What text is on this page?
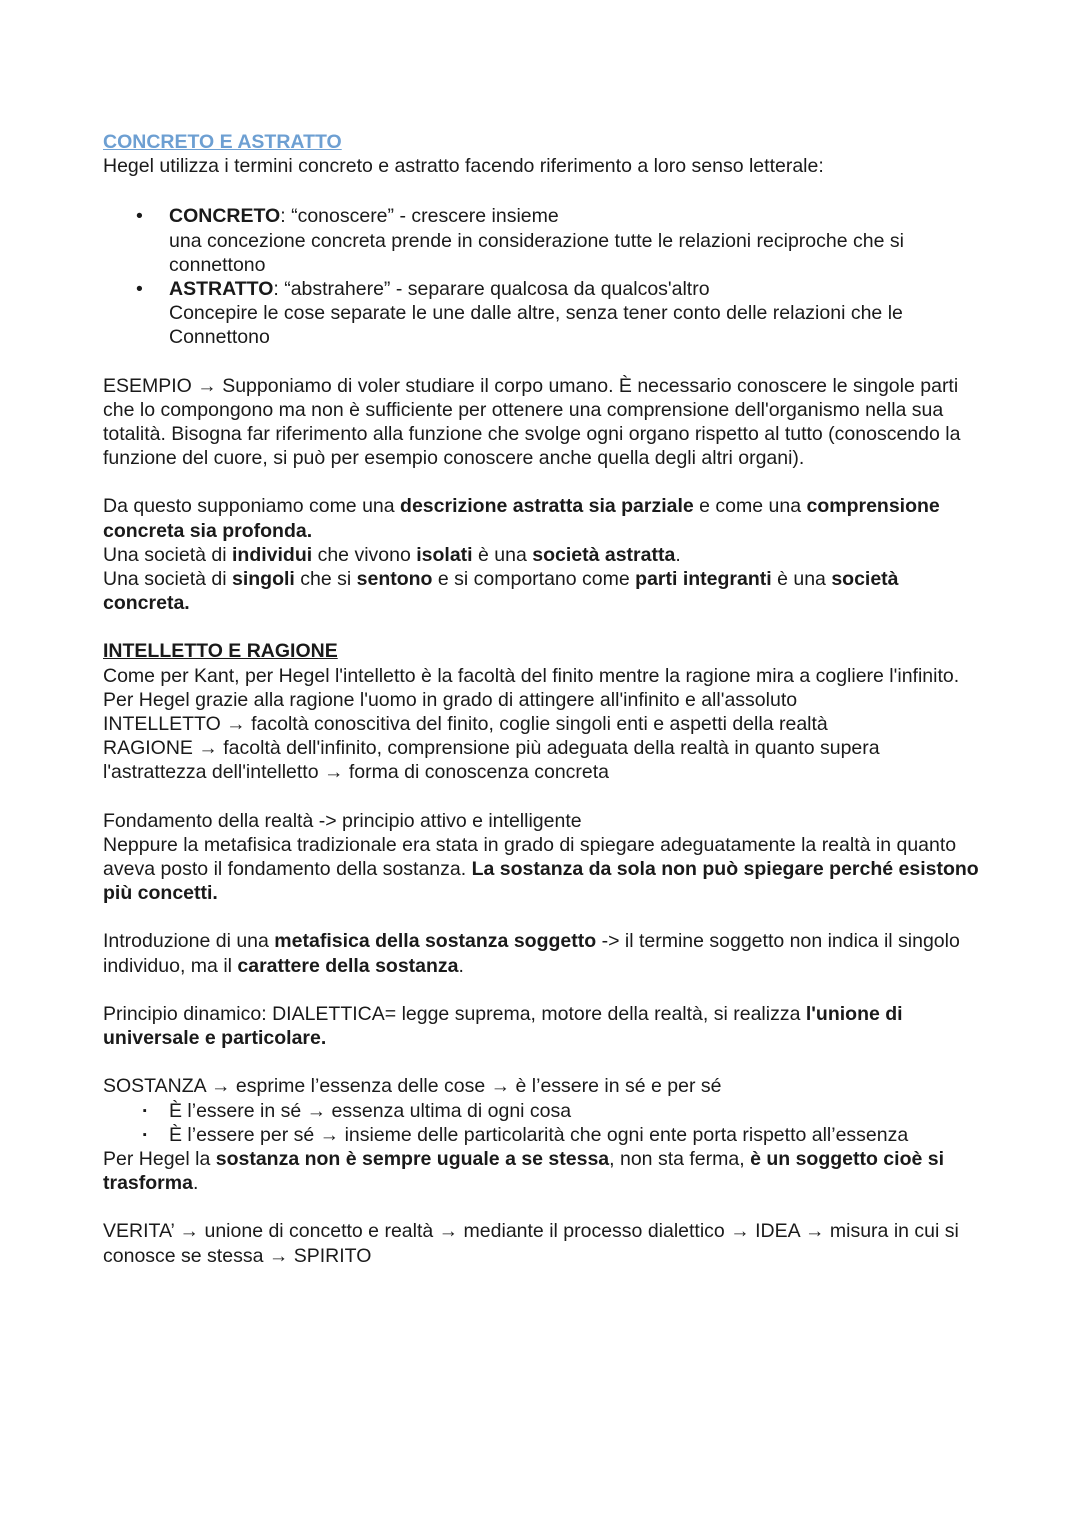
CONCRETO E ASTRATTO

Hegel utilizza i termini concreto e astratto facendo riferimento a loro senso letterale:

• CONCRETO: “conoscere” - crescere insieme

una concezione concreta prende in considerazione tutte le relazioni reciproche che si connettono

• ASTRATTO: “abstrahere” - separare qualcosa da qualcos'altro

Concepire le cose separate le une dalle altre, senza tener conto delle relazioni che le Connettono

ESEMPIO → Supponiamo di voler studiare il corpo umano. È necessario conoscere le singole parti che lo compongono ma non è sufficiente per ottenere una comprensione dell'organismo nella sua totalità. Bisogna far riferimento alla funzione che svolge ogni organo rispetto al tutto (conoscendo la funzione del cuore, si può per esempio conoscere anche quella degli altri organi).

Da questo supponiamo come una descrizione astratta sia parziale e come una comprensione concreta sia profonda.

Una società di individui che vivono isolati è una società astratta.

Una società di singoli che si sentono e si comportano come parti integranti è una società concreta.

INTELLETTO E RAGIONE

Come per Kant, per Hegel l'intelletto è la facoltà del finito mentre la ragione mira a cogliere l'infinito.

Per Hegel grazie alla ragione l'uomo in grado di attingere all'infinito e all'assoluto

INTELLETTO → facoltà conoscitiva del finito, coglie singoli enti e aspetti della realtà

RAGIONE → facoltà dell'infinito, comprensione più adeguata della realtà in quanto supera l'astrattezza dell'intelletto → forma di conoscenza concreta

Fondamento della realtà -> principio attivo e intelligente

Neppure la metafisica tradizionale era stata in grado di spiegare adeguatamente la realtà in quanto aveva posto il fondamento della sostanza. La sostanza da sola non può spiegare perché esistono più concetti.

Introduzione di una metafisica della sostanza soggetto -> il termine soggetto non indica il singolo individuo, ma il carattere della sostanza.

Principio dinamico: DIALETTICA= legge suprema, motore della realtà, si realizza l'unione di universale e particolare.

SOSTANZA → esprime l’essenza delle cose → è l’essere in sé e per sé

· È l’essere in sé → essenza ultima di ogni cosa
· È l’essere per sé → insieme delle particolarità che ogni ente porta rispetto all’essenza

Per Hegel la sostanza non è sempre uguale a se stessa, non sta ferma, è un soggetto cioè si trasforma.

VERITA’ → unione di concetto e realtà → mediante il processo dialettico → IDEA → misura in cui si conosce se stessa → SPIRITO
